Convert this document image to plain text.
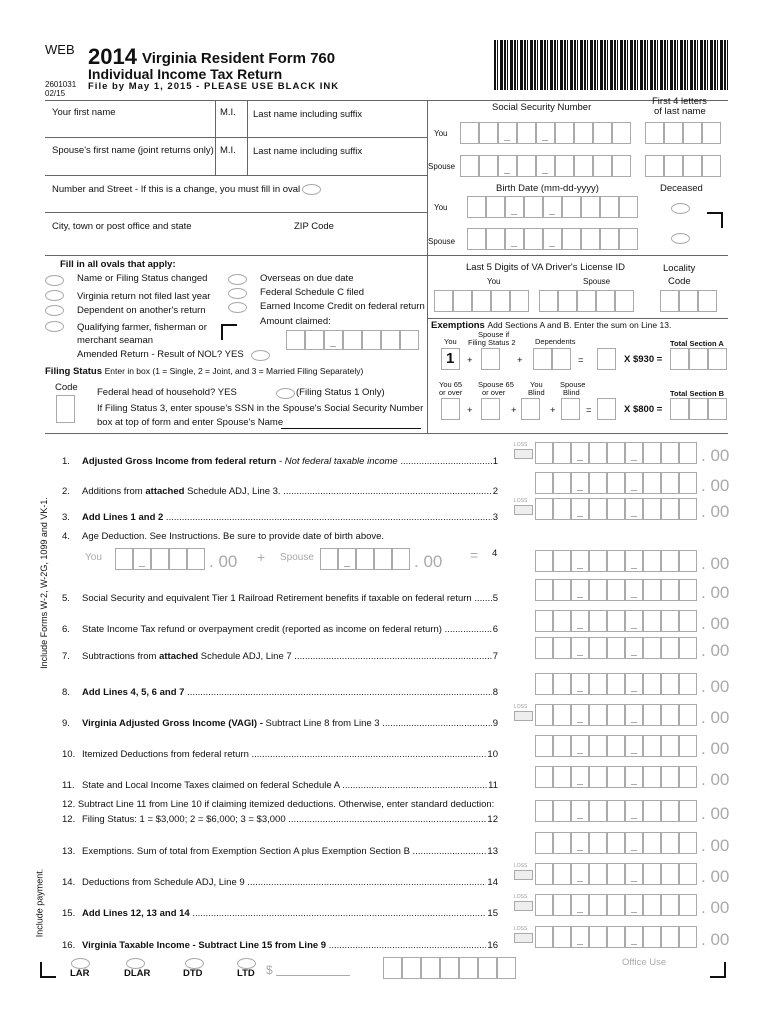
WEB 2014 Virginia Resident Form 760
Individual Income Tax Return
File by May 1, 2015 - PLEASE USE BLACK INK
2601031
02/15
Your first name	M.I. Last name including suffix
Spouse's first name (joint returns only) M.I. Last name including suffix
Number and Street - If this is a change, you must fill in oval
City, town or post office and state	ZIP Code
Social Security Number
First 4 letters
of last name
You
Spouse
Birth Date (mm-dd-yyyy)	Deceased
You
Spouse
Last 5 Digits of VA Driver's License ID
You	Spouse
Locality
Code
Fill in all ovals that apply:
Name or Filing Status changed
Virginia return not filed last year
Dependent on another's return
Qualifying farmer, fisherman or
merchant seaman
Amended Return - Result of NOL? YES
Overseas on due date
Federal Schedule C filed
Earned Income Credit on federal return
Amount claimed:
Filing Status Enter in box (1 = Single, 2 = Joint, and 3 = Married Filing Separately)
Code Federal head of household? YES	(Filing Status 1 Only)
If Filing Status 3, enter spouse's SSN in the Spouse's Social Security Number
box at top of form and enter Spouse's Name
Exemptions Add Sections A and B. Enter the sum on Line 13.
You
Spouse if
Filing Status 2	Dependents	Total Section A
1 +	+	=	X $930 =
You 65
or over
Spouse 65
or over
You
Blind
Spouse
Blind	Total Section B
+	+	+	=	X $800 =
Include Forms W-2, W-2G, 1099 and VK-1.
Include payment.
1.	Adjusted Gross Income from federal return - Not federal taxable income .....	1	. 00
LOSS
2.	Additions from attached Schedule ADJ, Line 3. .....	2	. 00
3.	Add Lines 1 and 2 .....	3	. 00
LOSS
5.	Social Security and equivalent Tier 1 Railroad Retirement benefits if taxable on federal return .....	5	. 00
6.	State Income Tax refund or overpayment credit (reported as income on federal return) .....	6	. 00
7.	Subtractions from attached Schedule ADJ, Line 7 .....	7	. 00
8.	Add Lines 4, 5, 6 and 7 .....	8	. 00
9.	Virginia Adjusted Gross Income (VAGI) - Subtract Line 8 from Line 3 .....	9	. 00
LOSS
10. Itemized Deductions from federal return .....	10	. 00
11. State and Local Income Taxes claimed on federal Schedule A .....	11	. 00
12. Filing Status: 1 = $3,000; 2 = $6,000; 3 = $3,000 .....	12	. 00
13. Exemptions. Sum of total from Exemption Section A plus Exemption Section B .....	13	. 00
14. Deductions from Schedule ADJ, Line 9 .....	14	. 00
LOSS
15. Add Lines 12, 13 and 14 .....	15	. 00
LOSS
16. Virginia Taxable Income - Subtract Line 15 from Line 9 .....	16	. 00
LOSS
. 00
4. Age Deduction. See Instructions. Be sure to provide date of birth above.
You	. 00 + Spouse	. 00 = 4
12. Subtract Line 11 from Line 10 if claiming itemized deductions. Otherwise, enter standard deduction:
LAR	DLAR	DTD	LTD $
Office Use
